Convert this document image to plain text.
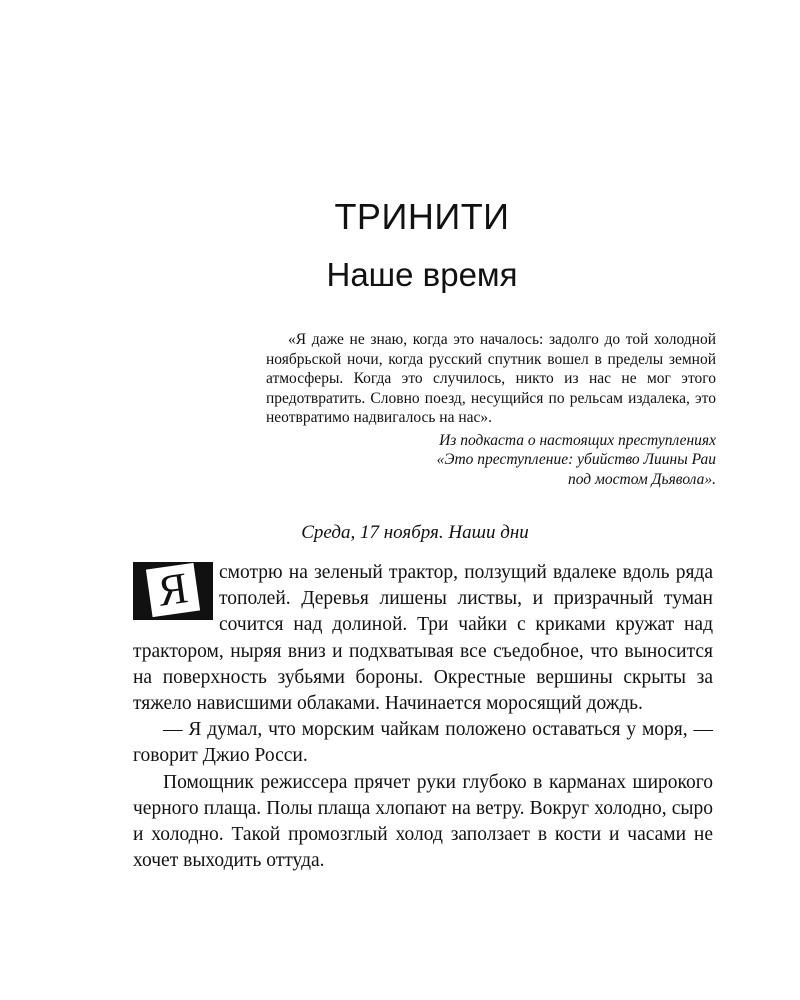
ТРИНИТИ
Наше время

«Я даже не знаю, когда это началось: задолго до той холодной ноябрьской ночи, когда русский спутник вошел в пределы земной атмосферы. Когда это случилось, никто из нас не мог этого предотвратить. Словно поезд, несущийся по рельсам издалека, это неотвратимо надвигалось на нас».

Из подкаста о настоящих преступлениях
«Это преступление: убийство Лиины Раи
под мостом Дьявола».
Среда, 17 ноября. Наши дни

Я	смотрю на зеленый трактор, ползущий вдалеке вдоль ряда тополей. Деревья лишены листвы, и призрачный туман сочится над долиной. Три чайки с криками кружат над трактором, ныряя вниз и подхватывая все съедобное, что выносится на поверхность зубьями бороны. Окрестные вершины скрыты за тяжело нависшими облаками. Начинается моросящий дождь.

— Я думал, что морским чайкам положено оставаться у моря, — говорит Джио Росси.

Помощник режиссера прячет руки глубоко в карманах широкого черного плаща. Полы плаща хлопают на ветру. Вокруг холодно, сыро и холодно. Такой промозглый холод заползает в кости и часами не хочет выходить оттуда.
